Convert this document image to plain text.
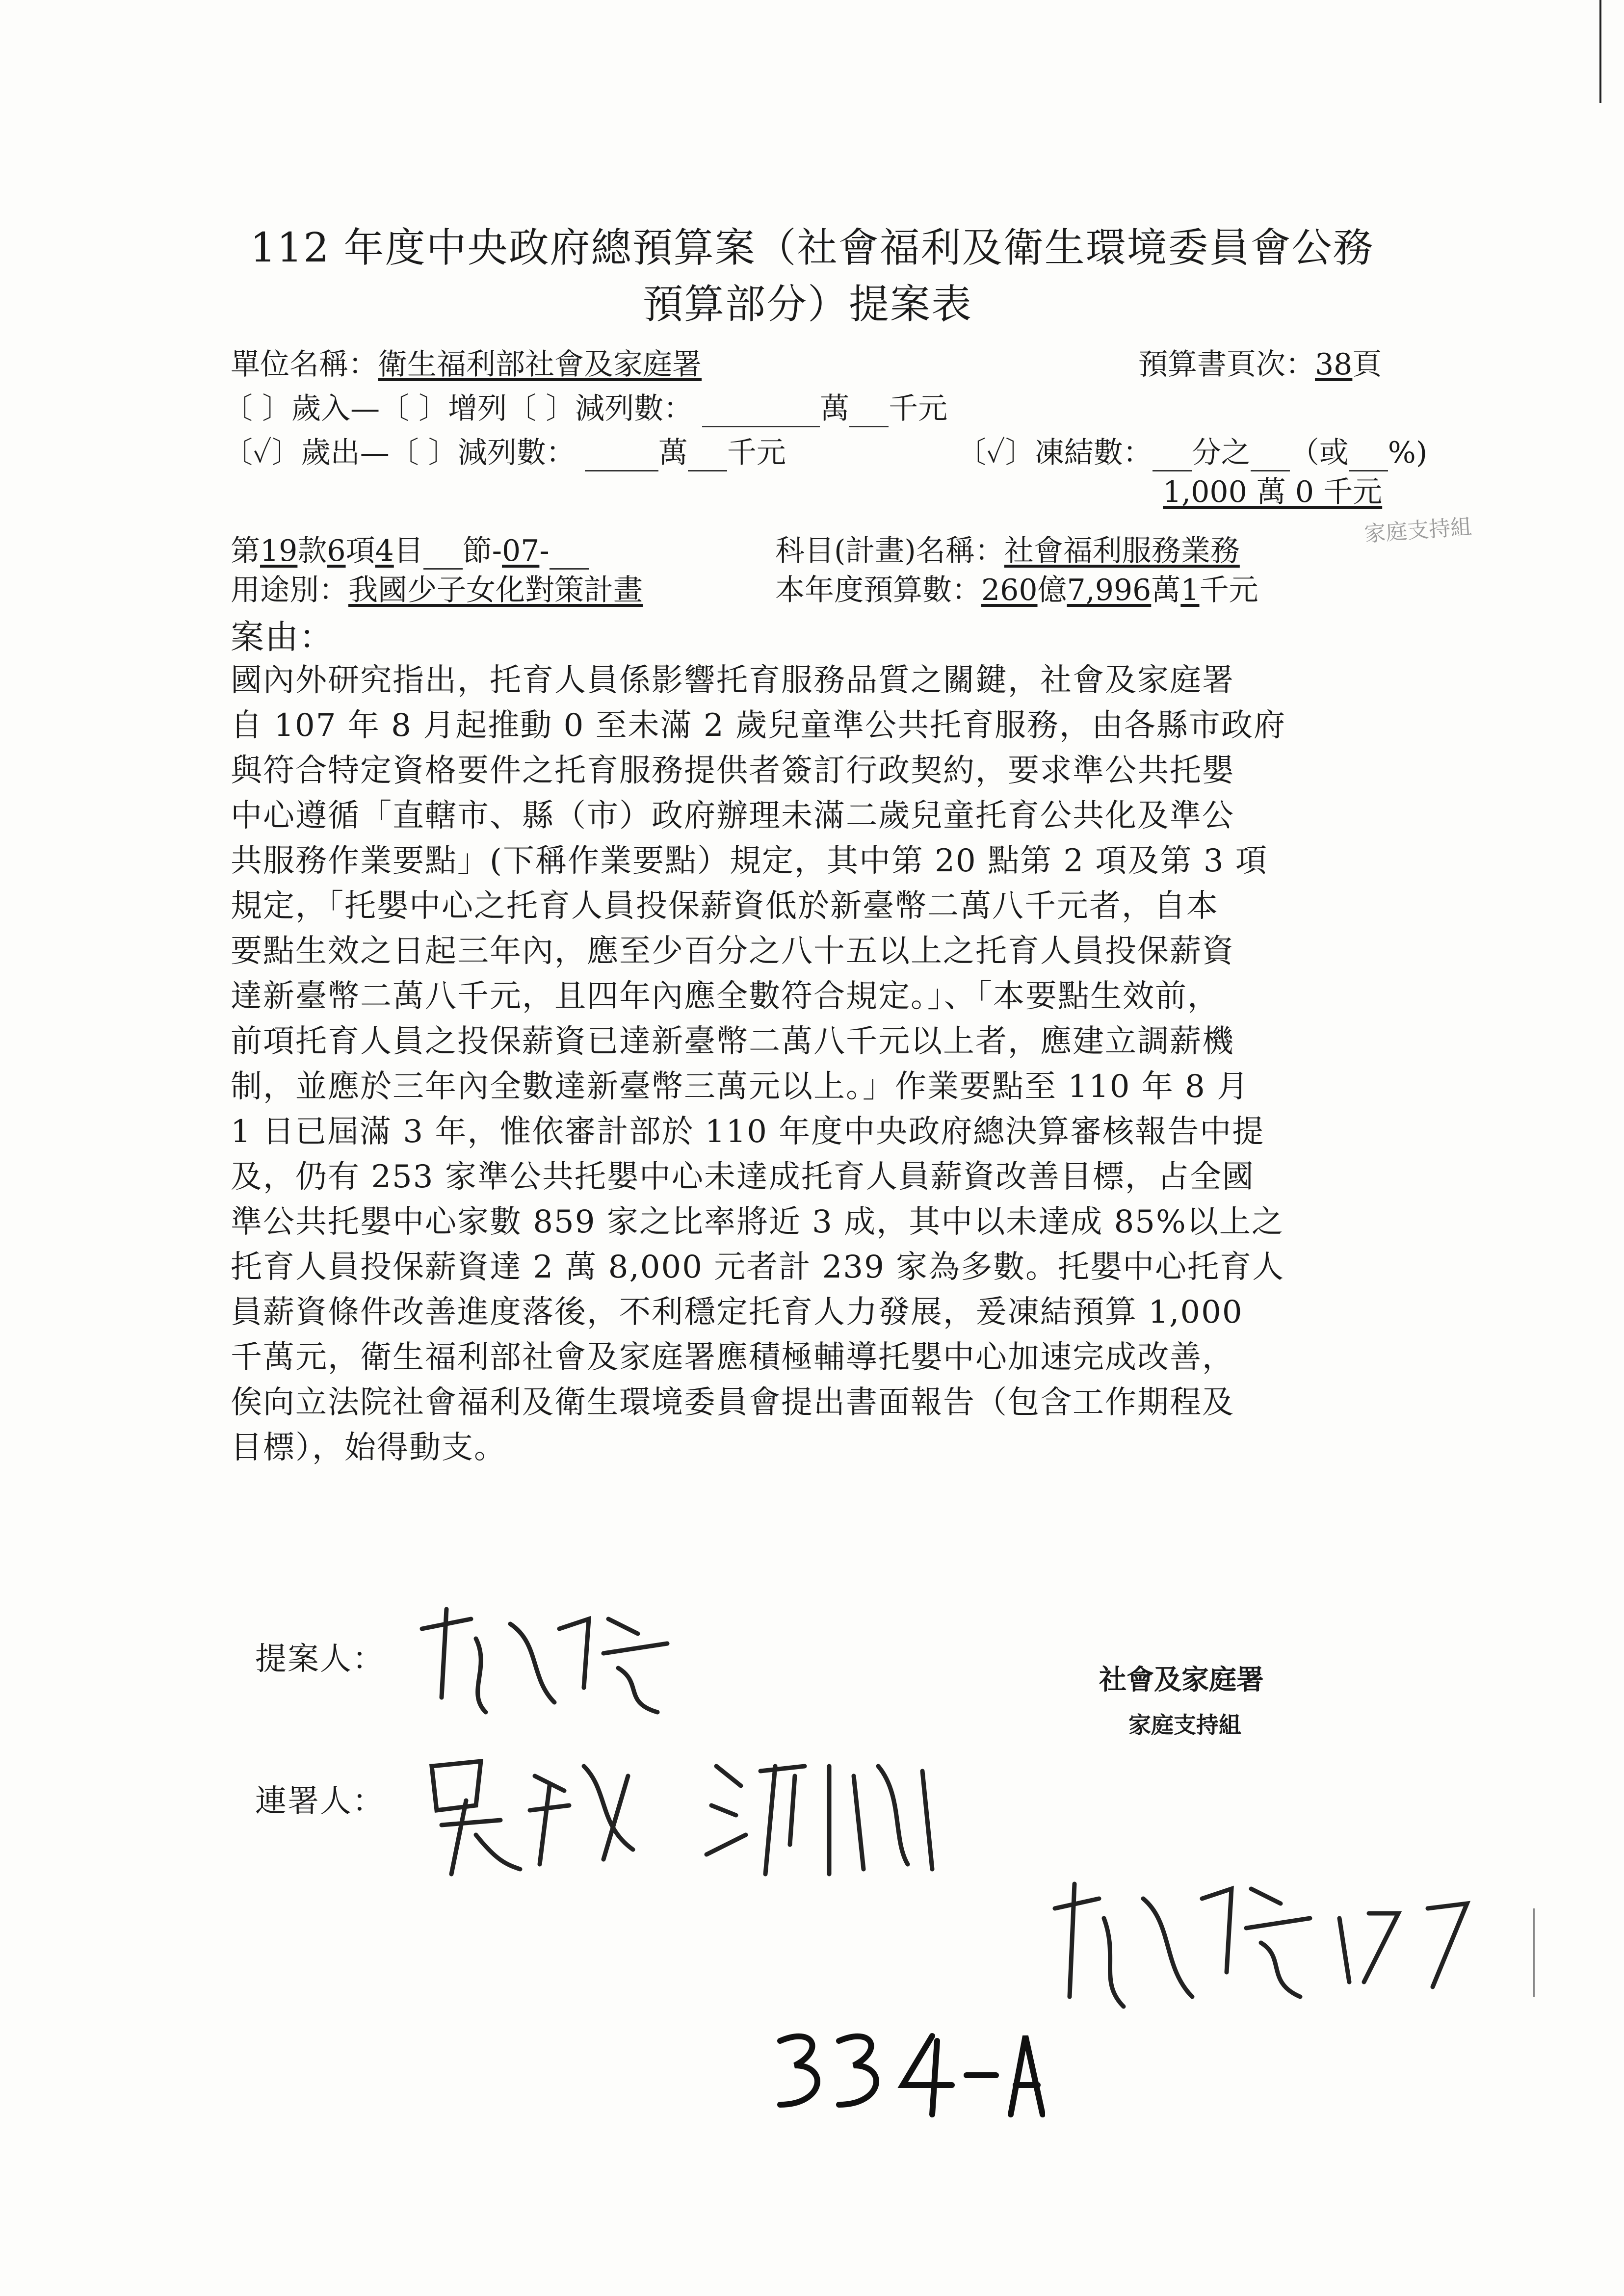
112 年度中央政府總預算案（社會福利及衛生環境委員會公務
預算部分）提案表
單位名稱：衛生福利部社會及家庭署	預算書頁次：38頁
〔 〕歲入—〔 〕增列〔 〕減列數：	萬 千元
〔✓〕歲出—〔 〕減列數：	萬 千元	〔✓〕凍結數： 分之 （或 %)
1,000 萬 0 千元
第19款6項4目 節-07-	科目(計畫)名稱：社會福利服務業務
用途別：我國少子女化對策計畫	本年度預算數：260億7,996萬1千元
案由：
國內外研究指出，托育人員係影響托育服務品質之關鍵，社會及家庭署
自 107 年 8 月起推動 0 至未滿 2 歲兒童準公共托育服務，由各縣市政府
與符合特定資格要件之托育服務提供者簽訂行政契約，要求準公共托嬰
中心遵循「直轄市、縣（市）政府辦理未滿二歲兒童托育公共化及準公
共服務作業要點」(下稱作業要點）規定，其中第 20 點第 2 項及第 3 項
規定，「托嬰中心之托育人員投保薪資低於新臺幣二萬八千元者，自本
要點生效之日起三年內，應至少百分之八十五以上之托育人員投保薪資
達新臺幣二萬八千元，且四年內應全數符合規定。」、「本要點生效前，
前項托育人員之投保薪資已達新臺幣二萬八千元以上者，應建立調薪機
制，並應於三年內全數達新臺幣三萬元以上。」作業要點至 110 年 8 月
1 日已屆滿 3 年，惟依審計部於 110 年度中央政府總決算審核報告中提
及，仍有 253 家準公共托嬰中心未達成托育人員薪資改善目標，占全國
準公共托嬰中心家數 859 家之比率將近 3 成，其中以未達成 85%以上之
托育人員投保薪資達 2 萬 8,000 元者計 239 家為多數。托嬰中心托育人
員薪資條件改善進度落後，不利穩定托育人力發展，爰凍結預算 1,000
千萬元，衛生福利部社會及家庭署應積極輔導托嬰中心加速完成改善，
俟向立法院社會福利及衛生環境委員會提出書面報告（包含工作期程及
目標），始得動支。
提案人：
連署人：
社會及家庭署
家庭支持組
家庭支持組
